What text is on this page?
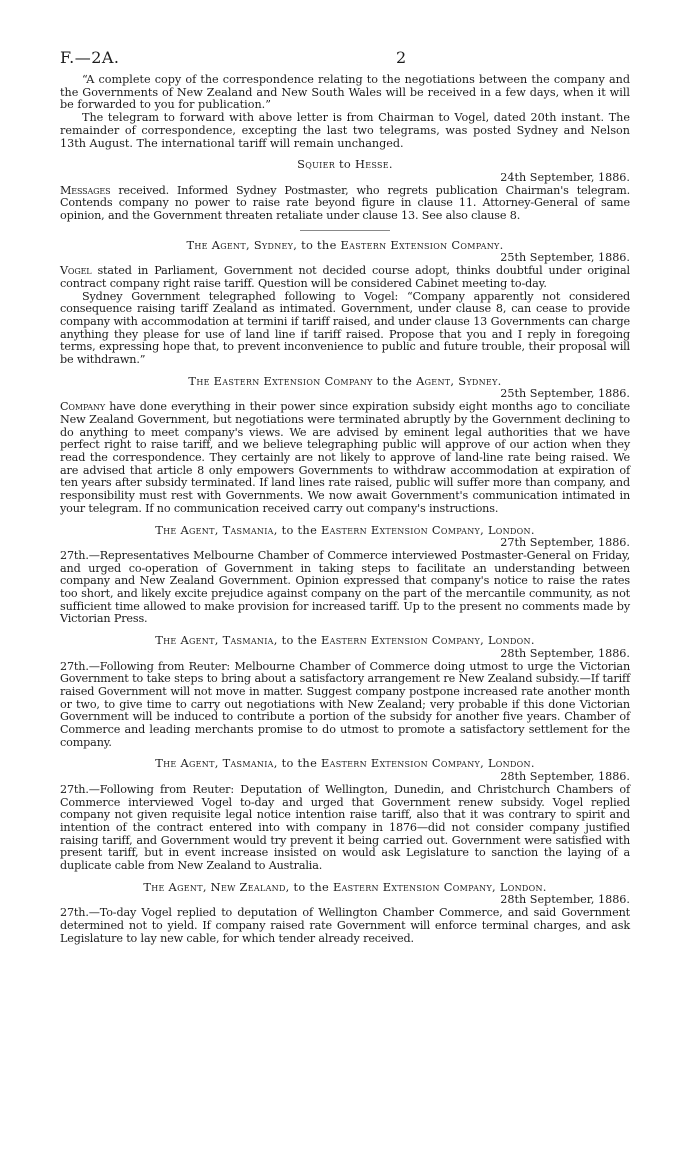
F.—2A.	2

“A complete copy of the correspondence relating to the negotiations between the company and the Governments of New Zealand and New South Wales will be received in a few days, when it will be forwarded to you for publication.”

The telegram to forward with above letter is from Chairman to Vogel, dated 20th instant. The remainder of correspondence, excepting the last two telegrams, was posted Sydney and Nelson 13th August. The international tariff will remain unchanged.

Squier to Hesse.
24th September, 1886.

Messages received. Informed Sydney Postmaster, who regrets publication Chairman's telegram. Contends company no power to raise rate beyond figure in clause 11. Attorney-General of same opinion, and the Government threaten retaliate under clause 13. See also clause 8.

The Agent, Sydney, to the Eastern Extension Company.
25th September, 1886.

Vogel stated in Parliament, Government not decided course adopt, thinks doubtful under original contract company right raise tariff. Question will be considered Cabinet meeting to-day.

Sydney Government telegraphed following to Vogel: “Company apparently not considered consequence raising tariff Zealand as intimated. Government, under clause 8, can cease to provide company with accommodation at termini if tariff raised, and under clause 13 Governments can charge anything they please for use of land line if tariff raised. Propose that you and I reply in foregoing terms, expressing hope that, to prevent inconvenience to public and future trouble, their proposal will be withdrawn.”

The Eastern Extension Company to the Agent, Sydney.
25th September, 1886.

Company have done everything in their power since expiration subsidy eight months ago to conciliate New Zealand Government, but negotiations were terminated abruptly by the Government declining to do anything to meet company's views. We are advised by eminent legal authorities that we have perfect right to raise tariff, and we believe telegraphing public will approve of our action when they read the correspondence. They certainly are not likely to approve of land-line rate being raised. We are advised that article 8 only empowers Governments to withdraw accommodation at expiration of ten years after subsidy terminated. If land lines rate raised, public will suffer more than company, and responsibility must rest with Governments. We now await Government's communication intimated in your telegram. If no communication received carry out company's instructions.

The Agent, Tasmania, to the Eastern Extension Company, London.
27th September, 1886.

27th.—Representatives Melbourne Chamber of Commerce interviewed Postmaster-General on Friday, and urged co-operation of Government in taking steps to facilitate an understanding between company and New Zealand Government. Opinion expressed that company's notice to raise the rates too short, and likely excite prejudice against company on the part of the mercantile community, as not sufficient time allowed to make provision for increased tariff. Up to the present no comments made by Victorian Press.

The Agent, Tasmania, to the Eastern Extension Company, London.
28th September, 1886.

27th.—Following from Reuter: Melbourne Chamber of Commerce doing utmost to urge the Victorian Government to take steps to bring about a satisfactory arrangement re New Zealand subsidy.—If tariff raised Government will not move in matter. Suggest company postpone increased rate another month or two, to give time to carry out negotiations with New Zealand; very probable if this done Victorian Government will be induced to contribute a portion of the subsidy for another five years. Chamber of Commerce and leading merchants promise to do utmost to promote a satisfactory settlement for the company.

The Agent, Tasmania, to the Eastern Extension Company, London.
28th September, 1886.

27th.—Following from Reuter: Deputation of Wellington, Dunedin, and Christchurch Chambers of Commerce interviewed Vogel to-day and urged that Government renew subsidy. Vogel replied company not given requisite legal notice intention raise tariff, also that it was contrary to spirit and intention of the contract entered into with company in 1876—did not consider company justified raising tariff, and Government would try prevent it being carried out. Government were satisfied with present tariff, but in event increase insisted on would ask Legislature to sanction the laying of a duplicate cable from New Zealand to Australia.

The Agent, New Zealand, to the Eastern Extension Company, London.
28th September, 1886.

27th.—To-day Vogel replied to deputation of Wellington Chamber Commerce, and said Government determined not to yield. If company raised rate Government will enforce terminal charges, and ask Legislature to lay new cable, for which tender already received.
